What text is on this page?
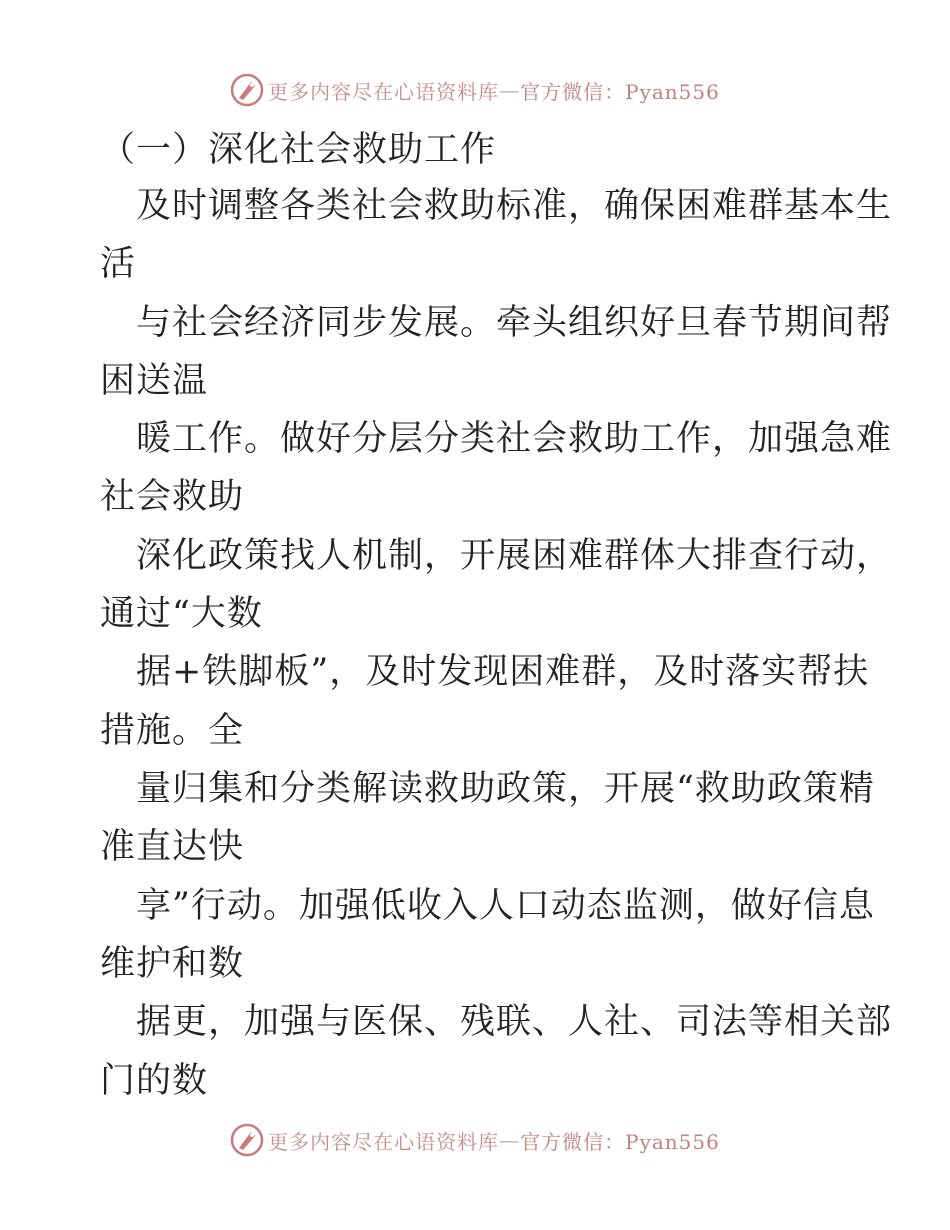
更多内容尽在心语资料库 — 官方微信：Pyan556
（一）深化社会救助工作
及时调整各类社会救助标准，确保困难群基本生
活
与社会经济同步发展。牵头组织好旦春节期间帮
困送温
暖工作。做好分层分类社会救助工作，加强急难
社会救助
深化政策找人机制，开展困难群体大排查行动，
通过“大数
据+铁脚板”，及时发现困难群，及时落实帮扶
措施。全
量归集和分类解读救助政策，开展“救助政策精
准直达快
享”行动。加强低收入人口动态监测，做好信息
维护和数
据更，加强与医保、残联、人社、司法等相关部
门的数
更多内容尽在心语资料库 — 官方微信：Pyan556
